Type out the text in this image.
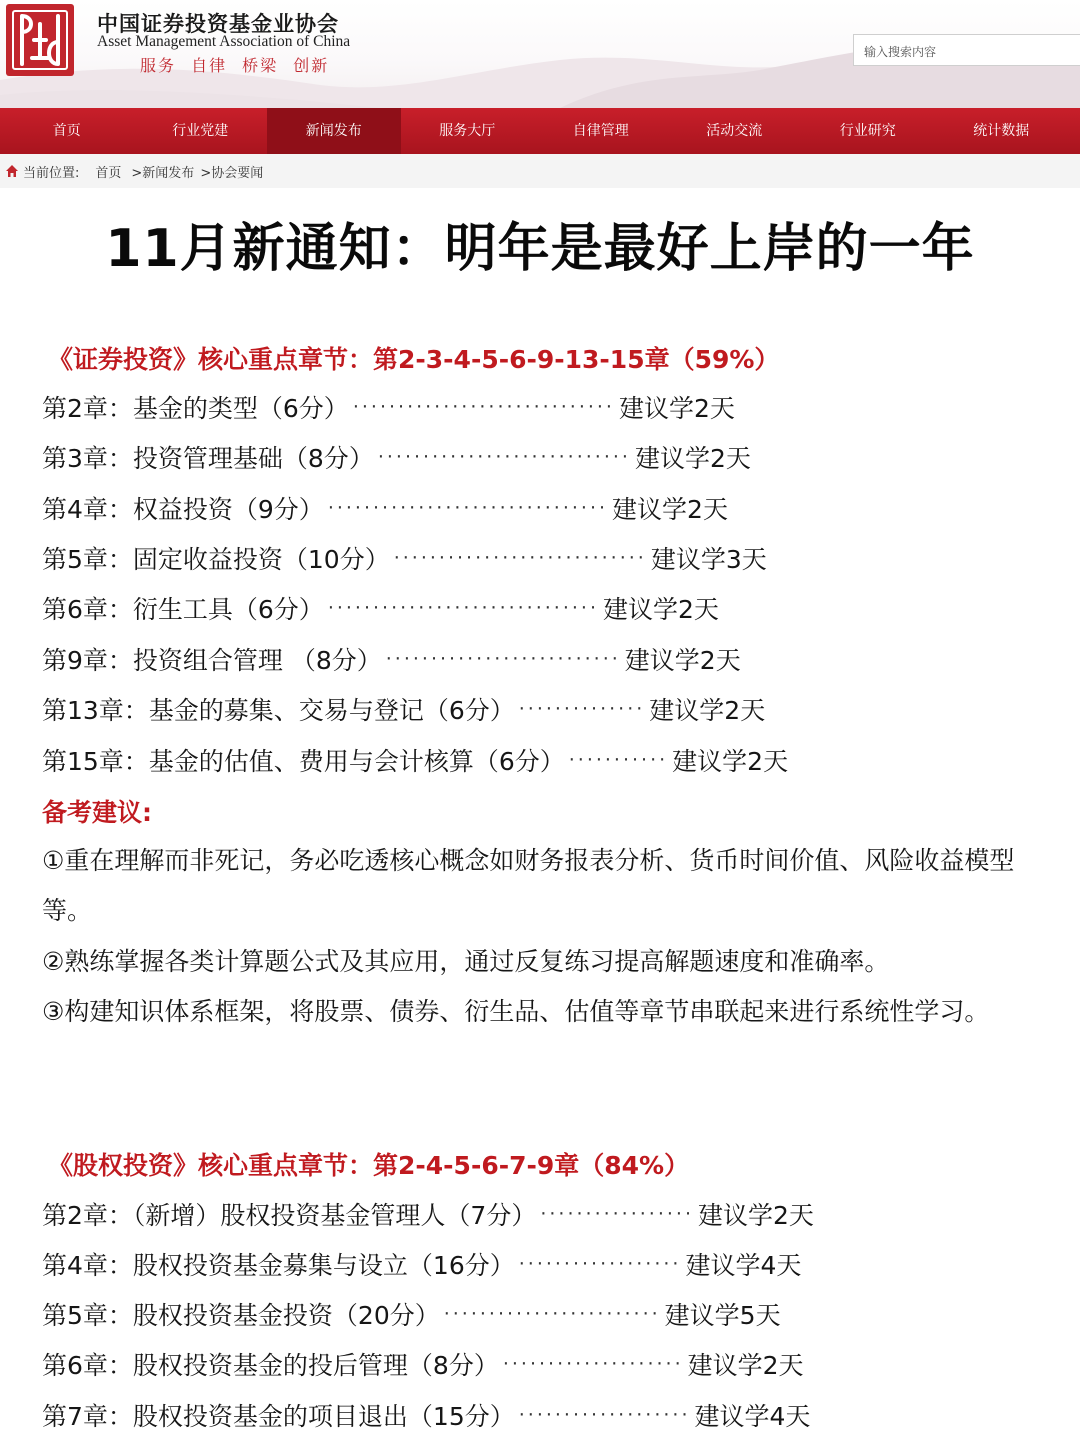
中国证券投资基金业协会
Asset Management Association of China
服务 自律 桥梁 创新
输入搜索内容
首页	行业党建	新闻发布	服务大厅	自律管理	活动交流	行业研究	统计数据
当前位置: 首页 >新闻发布 >协会要闻
11月新通知：明年是最好上岸的一年
《证券投资》核心重点章节：第2-3-4-5-6-9-13-15章（59%）
第2章：基金的类型（6分） ····························· 建议学2天
第3章：投资管理基础（8分） ···························· 建议学2天
第4章：权益投资（9分） ······························· 建议学2天
第5章：固定收益投资（10分） ···························· 建议学3天
第6章：衍生工具（6分） ······························ 建议学2天
第9章：投资组合管理 （8分） ·························· 建议学2天
第13章：基金的募集、交易与登记（6分） ·············· 建议学2天
第15章：基金的估值、费用与会计核算（6分） ··········· 建议学2天
备考建议:
①重在理解而非死记，务必吃透核心概念如财务报表分析、货币时间价值、风险收益模型等。
②熟练掌握各类计算题公式及其应用，通过反复练习提高解题速度和准确率。
③构建知识体系框架，将股票、债券、衍生品、估值等章节串联起来进行系统性学习。
《股权投资》核心重点章节：第2-4-5-6-7-9章（84%）
第2章：（新增）股权投资基金管理人（7分） ················· 建议学2天
第4章：股权投资基金募集与设立（16分） ·················· 建议学4天
第5章：股权投资基金投资（20分） ························ 建议学5天
第6章：股权投资基金的投后管理（8分） ···················· 建议学2天
第7章：股权投资基金的项目退出（15分） ··················· 建议学4天
